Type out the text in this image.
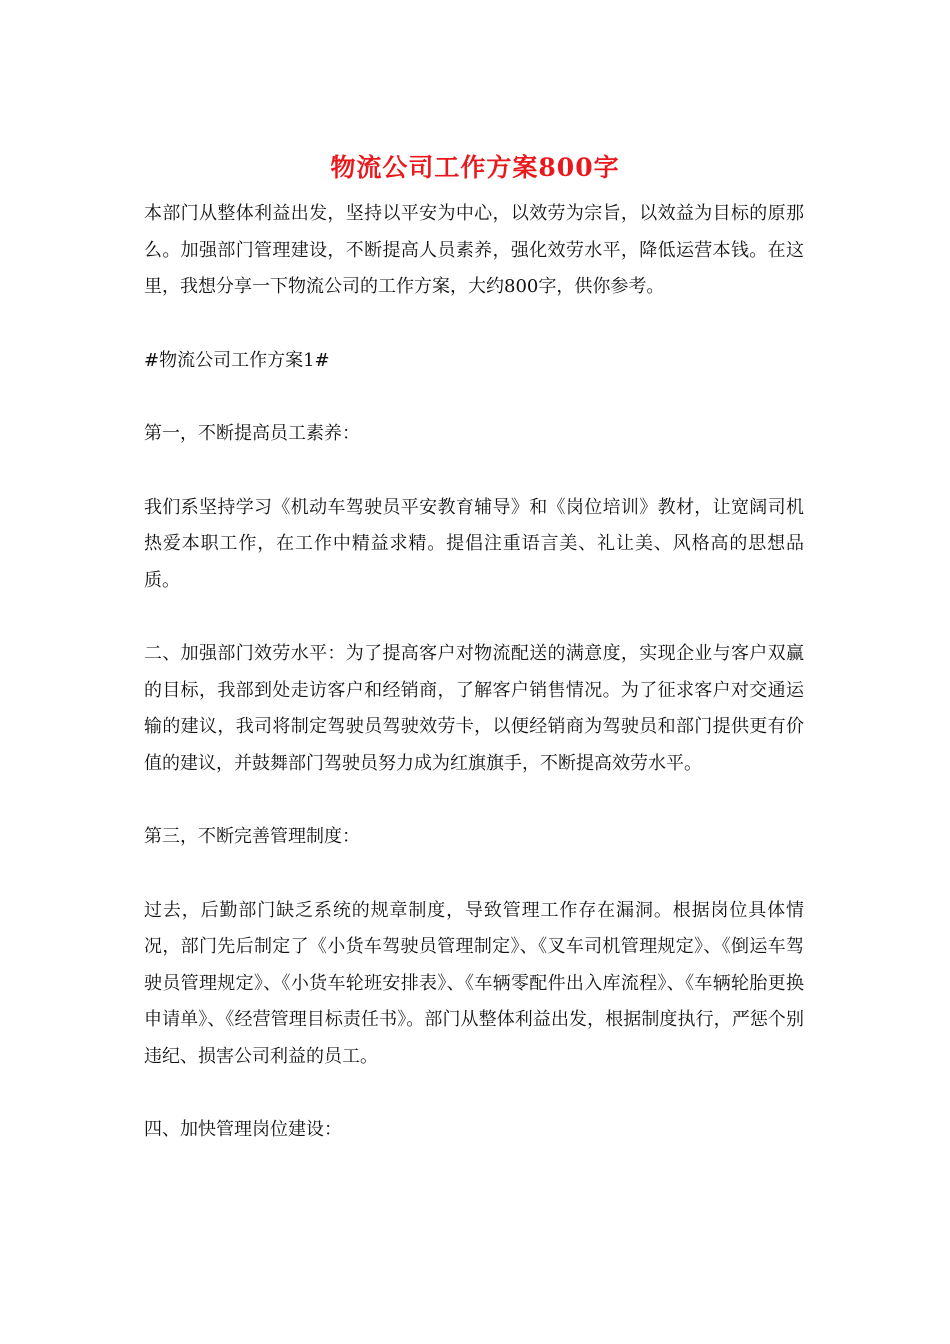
物流公司工作方案800字

本部门从整体利益出发，坚持以平安为中心，以效劳为宗旨，以效益为目标的原那么。加强部门管理建设，不断提高人员素养，强化效劳水平，降低运营本钱。在这里，我想分享一下物流公司的工作方案，大约800字，供你参考。

#物流公司工作方案1#

第一，不断提高员工素养：

我们系坚持学习《机动车驾驶员平安教育辅导》和《岗位培训》教材，让宽阔司机热爱本职工作，在工作中精益求精。提倡注重语言美、礼让美、风格高的思想品质。

二、加强部门效劳水平：为了提高客户对物流配送的满意度，实现企业与客户双赢的目标，我部到处走访客户和经销商，了解客户销售情况。为了征求客户对交通运输的建议，我司将制定驾驶员驾驶效劳卡，以便经销商为驾驶员和部门提供更有价值的建议，并鼓舞部门驾驶员努力成为红旗旗手，不断提高效劳水平。

第三，不断完善管理制度：

过去，后勤部门缺乏系统的规章制度，导致管理工作存在漏洞。根据岗位具体情况，部门先后制定了《小货车驾驶员管理制定》、《叉车司机管理规定》、《倒运车驾驶员管理规定》、《小货车轮班安排表》、《车辆零配件出入库流程》、《车辆轮胎更换申请单》、《经营管理目标责任书》。部门从整体利益出发，根据制度执行，严惩个别违纪、损害公司利益的员工。

四、加快管理岗位建设：
